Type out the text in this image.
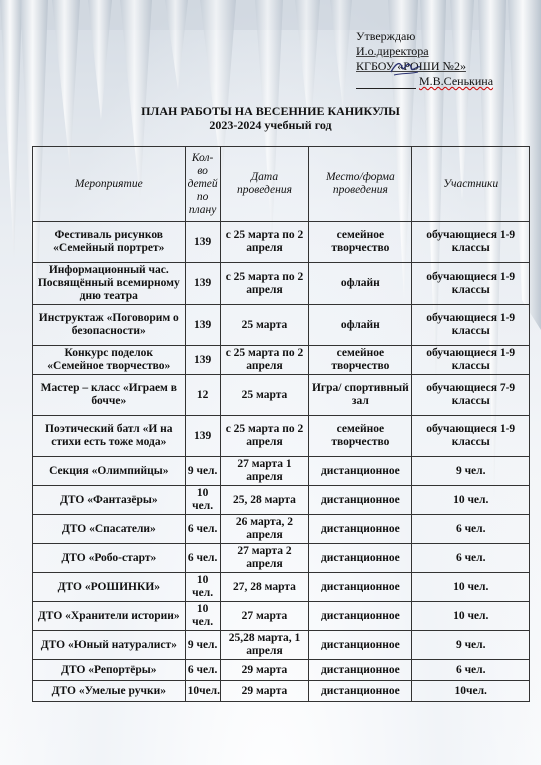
Утверждаю
И.о.директора
КГБОУ «РОШИ №2»
М.В.Сенькина
ПЛАН РАБОТЫ НА ВЕСЕННИЕ КАНИКУЛЫ
2023-2024 учебный год
Мероприятие	Кол-во детей по плану	Дата проведения	Место/форма проведения	Участники
Фестиваль рисунков «Семейный портрет»	139	с 25 марта по 2 апреля	семейное творчество	обучающиеся 1-9 классы
Информационный час. Посвящённый всемирному дню театра	139	с 25 марта по 2 апреля	офлайн	обучающиеся 1-9 классы
Инструктаж «Поговорим о безопасности»	139	25 марта	офлайн	обучающиеся 1-9 классы
Конкурс поделок «Семейное творчество»	139	с 25 марта по 2 апреля	семейное творчество	обучающиеся 1-9 классы
Мастер – класс «Играем в бочче»	12	25 марта	Игра/ спортивный зал	обучающиеся 7-9 классы
Поэтический батл «И на стихи есть тоже мода»	139	с 25 марта по 2 апреля	семейное творчество	обучающиеся 1-9 классы
Секция «Олимпийцы»	9 чел.	27 марта 1 апреля	дистанционное	9 чел.
ДТО «Фантазёры»	10 чел.	25, 28 марта	дистанционное	10 чел.
ДТО «Спасатели»	6 чел.	26 марта, 2 апреля	дистанционное	6 чел.
ДТО «Робо-старт»	6 чел.	27 марта 2 апреля	дистанционное	6 чел.
ДТО «РОШИНКИ»	10 чел.	27, 28 марта	дистанционное	10 чел.
ДТО «Хранители истории»	10 чел.	27 марта	дистанционное	10 чел.
ДТО «Юный натуралист»	9 чел.	25,28 марта, 1 апреля	дистанционное	9 чел.
ДТО «Репортёры»	6 чел.	29 марта	дистанционное	6 чел.
ДТО «Умелые ручки»	10чел.	29 марта	дистанционное	10чел.
